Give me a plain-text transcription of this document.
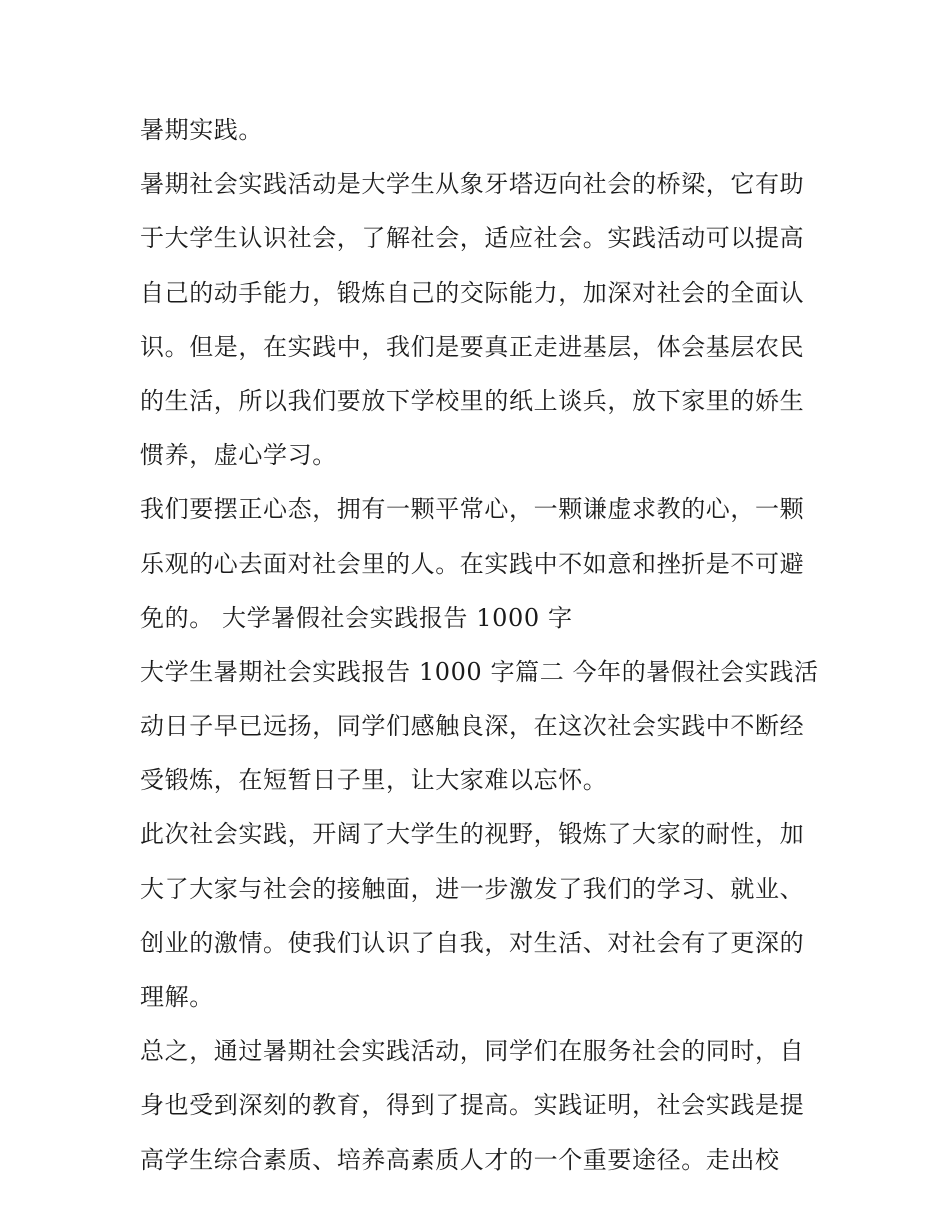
暑期实践。
暑期社会实践活动是大学生从象牙塔迈向社会的桥梁，它有助
于大学生认识社会，了解社会，适应社会。实践活动可以提高
自己的动手能力，锻炼自己的交际能力，加深对社会的全面认
识。但是，在实践中，我们是要真正走进基层，体会基层农民
的生活，所以我们要放下学校里的纸上谈兵，放下家里的娇生
惯养，虚心学习。
我们要摆正心态，拥有一颗平常心，一颗谦虚求教的心，一颗
乐观的心去面对社会里的人。在实践中不如意和挫折是不可避
免的。 大学暑假社会实践报告 1000 字
大学生暑期社会实践报告 1000 字篇二 今年的暑假社会实践活
动日子早已远扬，同学们感触良深，在这次社会实践中不断经
受锻炼，在短暂日子里，让大家难以忘怀。
此次社会实践，开阔了大学生的视野，锻炼了大家的耐性，加
大了大家与社会的接触面，进一步激发了我们的学习、就业、
创业的激情。使我们认识了自我，对生活、对社会有了更深的
理解。
总之，通过暑期社会实践活动，同学们在服务社会的同时，自
身也受到深刻的教育，得到了提高。实践证明，社会实践是提
高学生综合素质、培养高素质人才的一个重要途径。走出校
